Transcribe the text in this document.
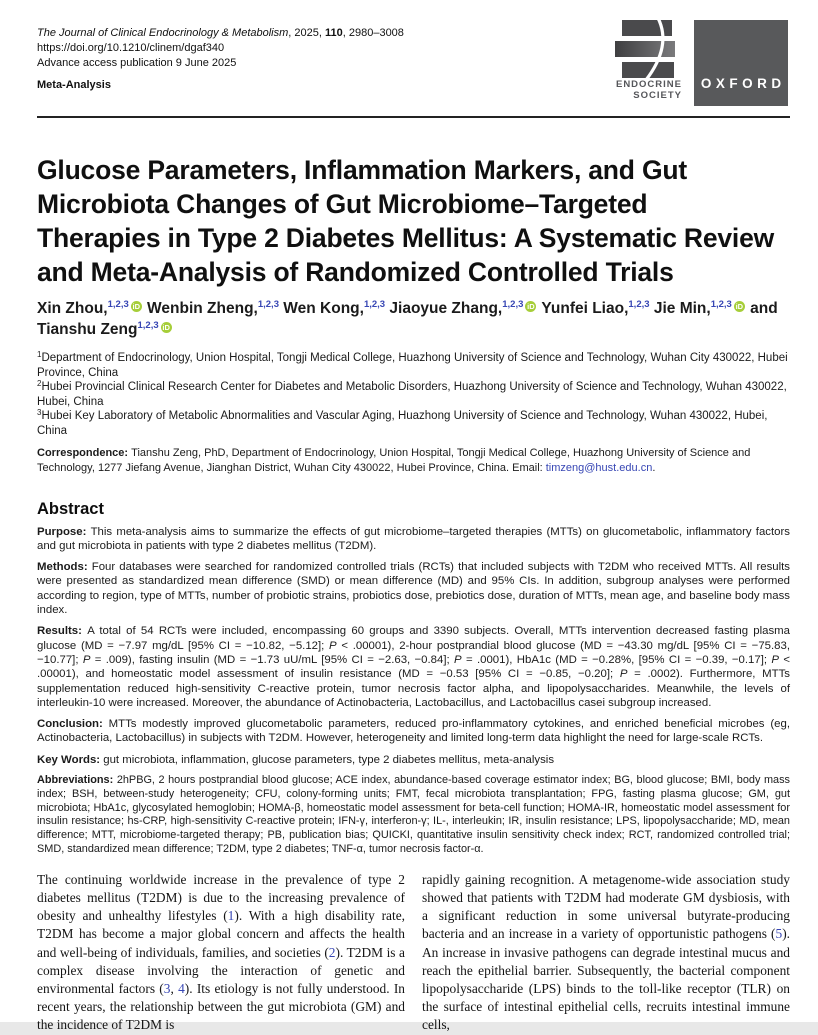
The Journal of Clinical Endocrinology & Metabolism, 2025, 110, 2980–3008
https://doi.org/10.1210/clinem/dgaf340
Advance access publication 9 June 2025
Meta-Analysis	ENDOCRINE
SOCIETY
OXFORD
Glucose Parameters, Inflammation Markers, and Gut
Microbiota Changes of Gut Microbiome–Targeted
Therapies in Type 2 Diabetes Mellitus: A Systematic Review
and Meta-Analysis of Randomized Controlled Trials
Xin Zhou,$^{1,2,3}$ iD Wenbin Zheng,$^{1,2,3}$ Wen Kong,$^{1,2,3}$ Jiaoyue Zhang,$^{1,2,3}$ iD Yunfei Liao,$^{1,2,3}$ Jie Min,$^{1,2,3}$ iD and Tianshu Zeng$^{1,2,3}$ iD
$^1$Department of Endocrinology, Union Hospital, Tongji Medical College, Huazhong University of Science and Technology, Wuhan City 430022, Hubei Province, China
$^2$Hubei Provincial Clinical Research Center for Diabetes and Metabolic Disorders, Huazhong University of Science and Technology, Wuhan 430022, Hubei, China
$^3$Hubei Key Laboratory of Metabolic Abnormalities and Vascular Aging, Huazhong University of Science and Technology, Wuhan 430022, Hubei, China
Correspondence: Tianshu Zeng, PhD, Department of Endocrinology, Union Hospital, Tongji Medical College, Huazhong University of Science and Technology, 1277 Jiefang Avenue, Jianghan District, Wuhan City 430022, Hubei Province, China. Email: timzeng@hust.edu.cn.
Abstract

Purpose: This meta-analysis aims to summarize the effects of gut microbiome–targeted therapies (MTTs) on glucometabolic, inflammatory factors and gut microbiota in patients with type 2 diabetes mellitus (T2DM).

Methods: Four databases were searched for randomized controlled trials (RCTs) that included subjects with T2DM who received MTTs. All results were presented as standardized mean difference (SMD) or mean difference (MD) and 95% CIs. In addition, subgroup analyses were performed according to region, type of MTTs, number of probiotic strains, probiotics dose, prebiotics dose, duration of MTTs, mean age, and baseline body mass index.

Results: A total of 54 RCTs were included, encompassing 60 groups and 3390 subjects. Overall, MTTs intervention decreased fasting plasma glucose (MD = −7.97 mg/dL [95% CI = −10.82, −5.12]; P < .00001), 2-hour postprandial blood glucose (MD = −43.30 mg/dL [95% CI = −75.83, −10.77]; P = .009), fasting insulin (MD = −1.73 uU/mL [95% CI = −2.63, −0.84]; P = .0001), HbA1c (MD = −0.28%, [95% CI = −0.39, −0.17]; P < .00001), and homeostatic model assessment of insulin resistance (MD = −0.53 [95% CI = −0.85, −0.20]; P = .0002). Furthermore, MTTs supplementation reduced high-sensitivity C-reactive protein, tumor necrosis factor alpha, and lipopolysaccharides. Meanwhile, the levels of interleukin-10 were increased. Moreover, the abundance of Actinobacteria, Lactobacillus, and Lactobacillus casei subgroup increased.

Conclusion: MTTs modestly improved glucometabolic parameters, reduced pro-inflammatory cytokines, and enriched beneficial microbes (eg, Actinobacteria, Lactobacillus) in subjects with T2DM. However, heterogeneity and limited long-term data highlight the need for large-scale RCTs.

Key Words: gut microbiota, inflammation, glucose parameters, type 2 diabetes mellitus, meta-analysis

Abbreviations: 2hPBG, 2 hours postprandial blood glucose; ACE index, abundance-based coverage estimator index; BG, blood glucose; BMI, body mass index; BSH, between-study heterogeneity; CFU, colony-forming units; FMT, fecal microbiota transplantation; FPG, fasting plasma glucose; GM, gut microbiota; HbA1c, glycosylated hemoglobin; HOMA-β, homeostatic model assessment for beta-cell function; HOMA-IR, homeostatic model assessment for insulin resistance; hs-CRP, high-sensitivity C-reactive protein; IFN-γ, interferon-γ; IL-, interleukin; IR, insulin resistance; LPS, lipopolysaccharide; MD, mean difference; MTT, microbiome-targeted therapy; PB, publication bias; QUICKI, quantitative insulin sensitivity check index; RCT, randomized controlled trial; SMD, standardized mean difference; T2DM, type 2 diabetes; TNF-α, tumor necrosis factor-α.

The continuing worldwide increase in the prevalence of type 2 diabetes mellitus (T2DM) is due to the increasing prevalence of obesity and unhealthy lifestyles (1). With a high disability rate, T2DM has become a major global concern and affects the health and well-being of individuals, families, and societies (2). T2DM is a complex disease involving the interaction of genetic and environmental factors (3, 4). Its etiology is not fully understood. In recent years, the relationship between the gut microbiota (GM) and the incidence of T2DM is
rapidly gaining recognition. A metagenome-wide association study showed that patients with T2DM had moderate GM dysbiosis, with a significant reduction in some universal butyrate-producing bacteria and an increase in a variety of opportunistic pathogens (5). An increase in invasive pathogens can degrade intestinal mucus and reach the epithelial barrier. Subsequently, the bacterial component lipopolysaccharide (LPS) binds to the toll-like receptor (TLR) on the surface of intestinal epithelial cells, recruits intestinal immune cells,
